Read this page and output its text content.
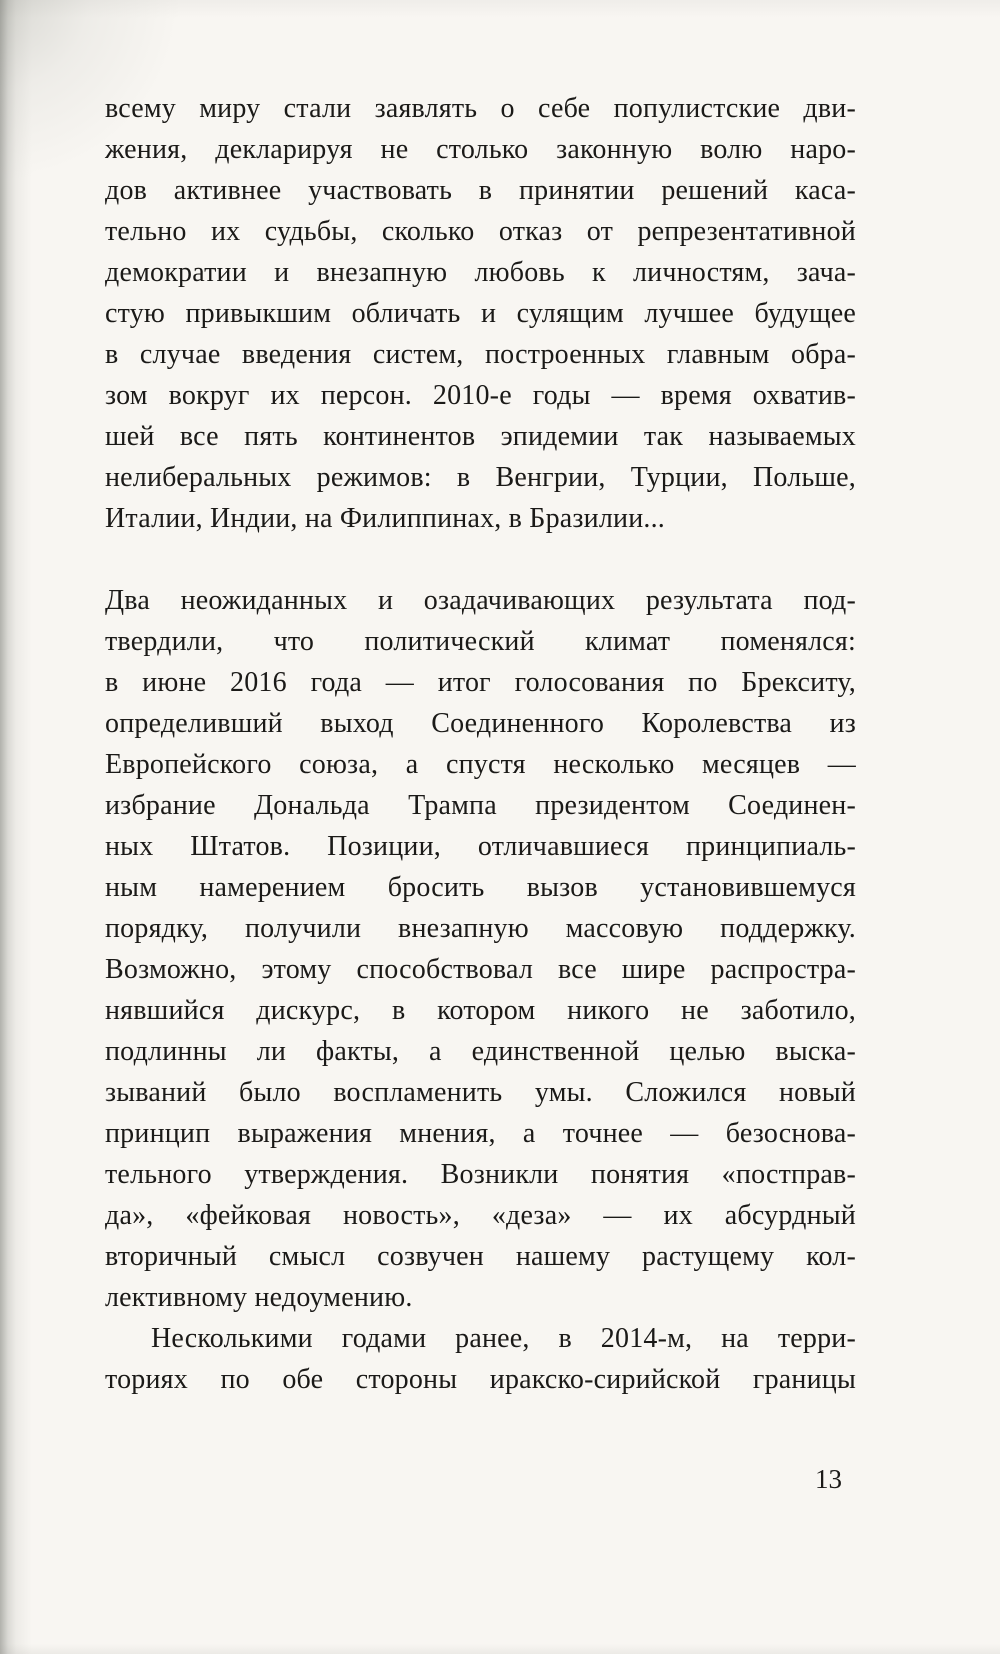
всему миру стали заявлять о себе популистские дви-
жения, декларируя не столько законную волю наро-
дов активнее участвовать в принятии решений каса-
тельно их судьбы, сколько отказ от репрезентативной
демократии и внезапную любовь к личностям, зача-
стую привыкшим обличать и сулящим лучшее будущее
в случае введения систем, построенных главным обра-
зом вокруг их персон. 2010-е годы — время охватив-
шей все пять континентов эпидемии так называемых
нелиберальных режимов: в Венгрии, Турции, Польше,
Италии, Индии, на Филиппинах, в Бразилии...
Два неожиданных и озадачивающих результата под-
твердили, что политический климат поменялся:
в июне 2016 года — итог голосования по Брекситу,
определивший выход Соединенного Королевства из
Европейского союза, а спустя несколько месяцев —
избрание Дональда Трампа президентом Соединен-
ных Штатов. Позиции, отличавшиеся принципиаль-
ным намерением бросить вызов установившемуся
порядку, получили внезапную массовую поддержку.
Возможно, этому способствовал все шире распростра-
нявшийся дискурс, в котором никого не заботило,
подлинны ли факты, а единственной целью выска-
зываний было воспламенить умы. Сложился новый
принцип выражения мнения, а точнее — безоснова-
тельного утверждения. Возникли понятия «постправ-
да», «фейковая новость», «деза» — их абсурдный
вторичный смысл созвучен нашему растущему кол-
лективному недоумению.
Несколькими годами ранее, в 2014-м, на терри-
ториях по обе стороны иракско-сирийской границы
13
